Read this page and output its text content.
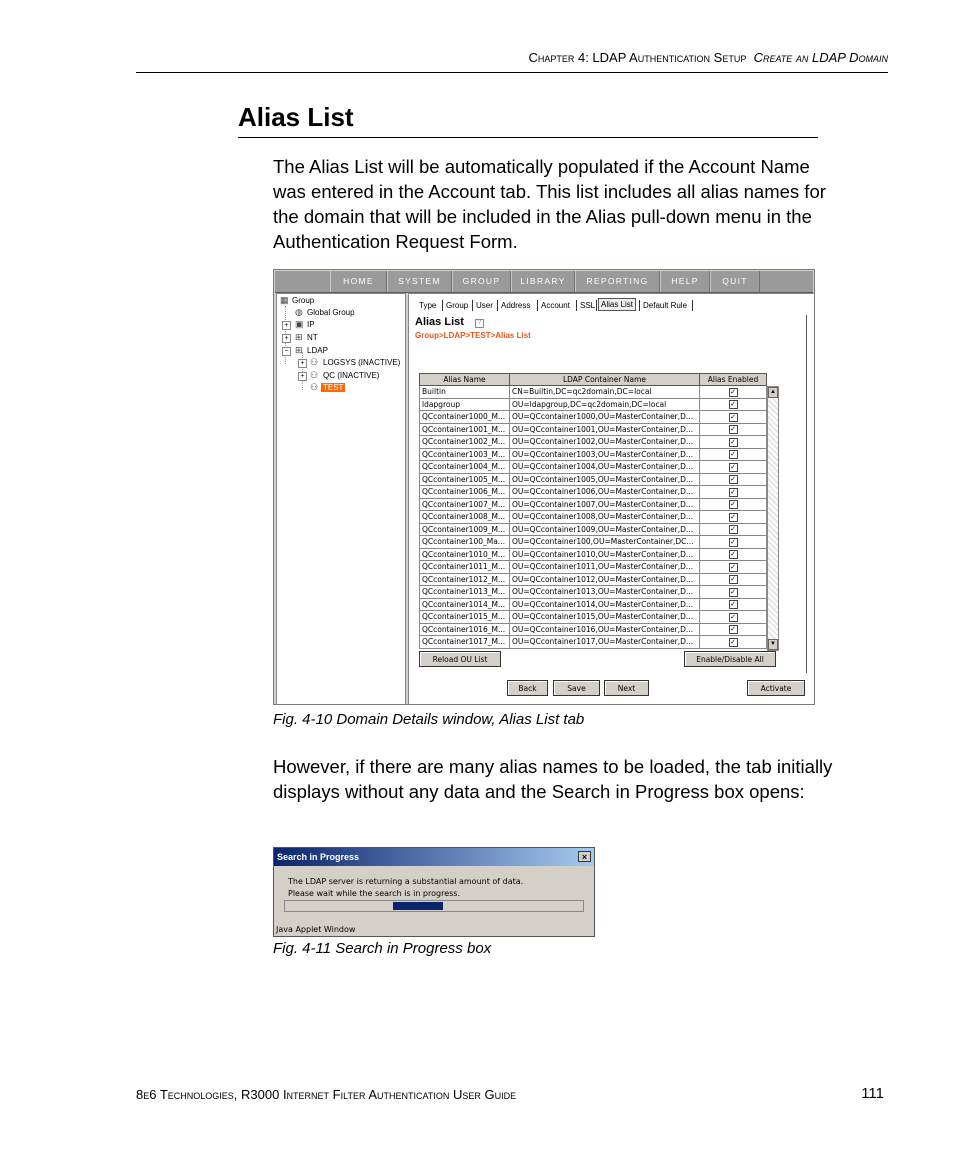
Chapter 4: LDAP Authentication Setup Create an LDAP Domain
Alias List
The Alias List will be automatically populated if the Account Name was entered in the Account tab. This list includes all alias names for the domain that will be included in the Alias pull-down menu in the Authentication Request Form.
HOME	SYSTEM	GROUP	LIBRARY	REPORTING	HELP	QUIT
▦ Group
◍ Global Group
+ ▣ IP
+ ⊞ NT
− ⊞ LDAP
+ ⚇ LOGSYS (INACTIVE)
+ ⚇ QC (INACTIVE)
⚇ TEST
Type Group User Address Account SSL Alias List	Default Rule
Alias List	?
Group>LDAP>TEST>Alias List
Alias Name	LDAP Container Name	Alias Enabled
Builtin	CN=Builtin,DC=qc2domain,DC=local	✓
ldapgroup	OU=ldapgroup,DC=qc2domain,DC=local	✓
QCcontainer1000_M...	OU=QCcontainer1000,OU=MasterContainer,D...	✓
QCcontainer1001_M...	OU=QCcontainer1001,OU=MasterContainer,D...	✓
QCcontainer1002_M...	OU=QCcontainer1002,OU=MasterContainer,D...	✓
QCcontainer1003_M...	OU=QCcontainer1003,OU=MasterContainer,D...	✓
QCcontainer1004_M...	OU=QCcontainer1004,OU=MasterContainer,D...	✓
QCcontainer1005_M...	OU=QCcontainer1005,OU=MasterContainer,D...	✓
QCcontainer1006_M...	OU=QCcontainer1006,OU=MasterContainer,D...	✓
QCcontainer1007_M...	OU=QCcontainer1007,OU=MasterContainer,D...	✓
QCcontainer1008_M...	OU=QCcontainer1008,OU=MasterContainer,D...	✓
QCcontainer1009_M...	OU=QCcontainer1009,OU=MasterContainer,D...	✓
QCcontainer100_Ma...	OU=QCcontainer100,OU=MasterContainer,DC...	✓
QCcontainer1010_M...	OU=QCcontainer1010,OU=MasterContainer,D...	✓
QCcontainer1011_M...	OU=QCcontainer1011,OU=MasterContainer,D...	✓
QCcontainer1012_M...	OU=QCcontainer1012,OU=MasterContainer,D...	✓
QCcontainer1013_M...	OU=QCcontainer1013,OU=MasterContainer,D...	✓
QCcontainer1014_M...	OU=QCcontainer1014,OU=MasterContainer,D...	✓
QCcontainer1015_M...	OU=QCcontainer1015,OU=MasterContainer,D...	✓
QCcontainer1016_M...	OU=QCcontainer1016,OU=MasterContainer,D...	✓
QCcontainer1017_M...	OU=QCcontainer1017,OU=MasterContainer,D...	✓
▲
▼
Reload OU List	Enable/Disable All
Back	Save	Next	Activate
Fig. 4-10 Domain Details window, Alias List tab
However, if there are many alias names to be loaded, the tab initially displays without any data and the Search in Progress box opens:
Search in Progress	×
The LDAP server is returning a substantial amount of data.
Please wait while the search is in progress.
Java Applet Window
Fig. 4-11 Search in Progress box
8e6 Technologies, R3000 Internet Filter Authentication User Guide	111
